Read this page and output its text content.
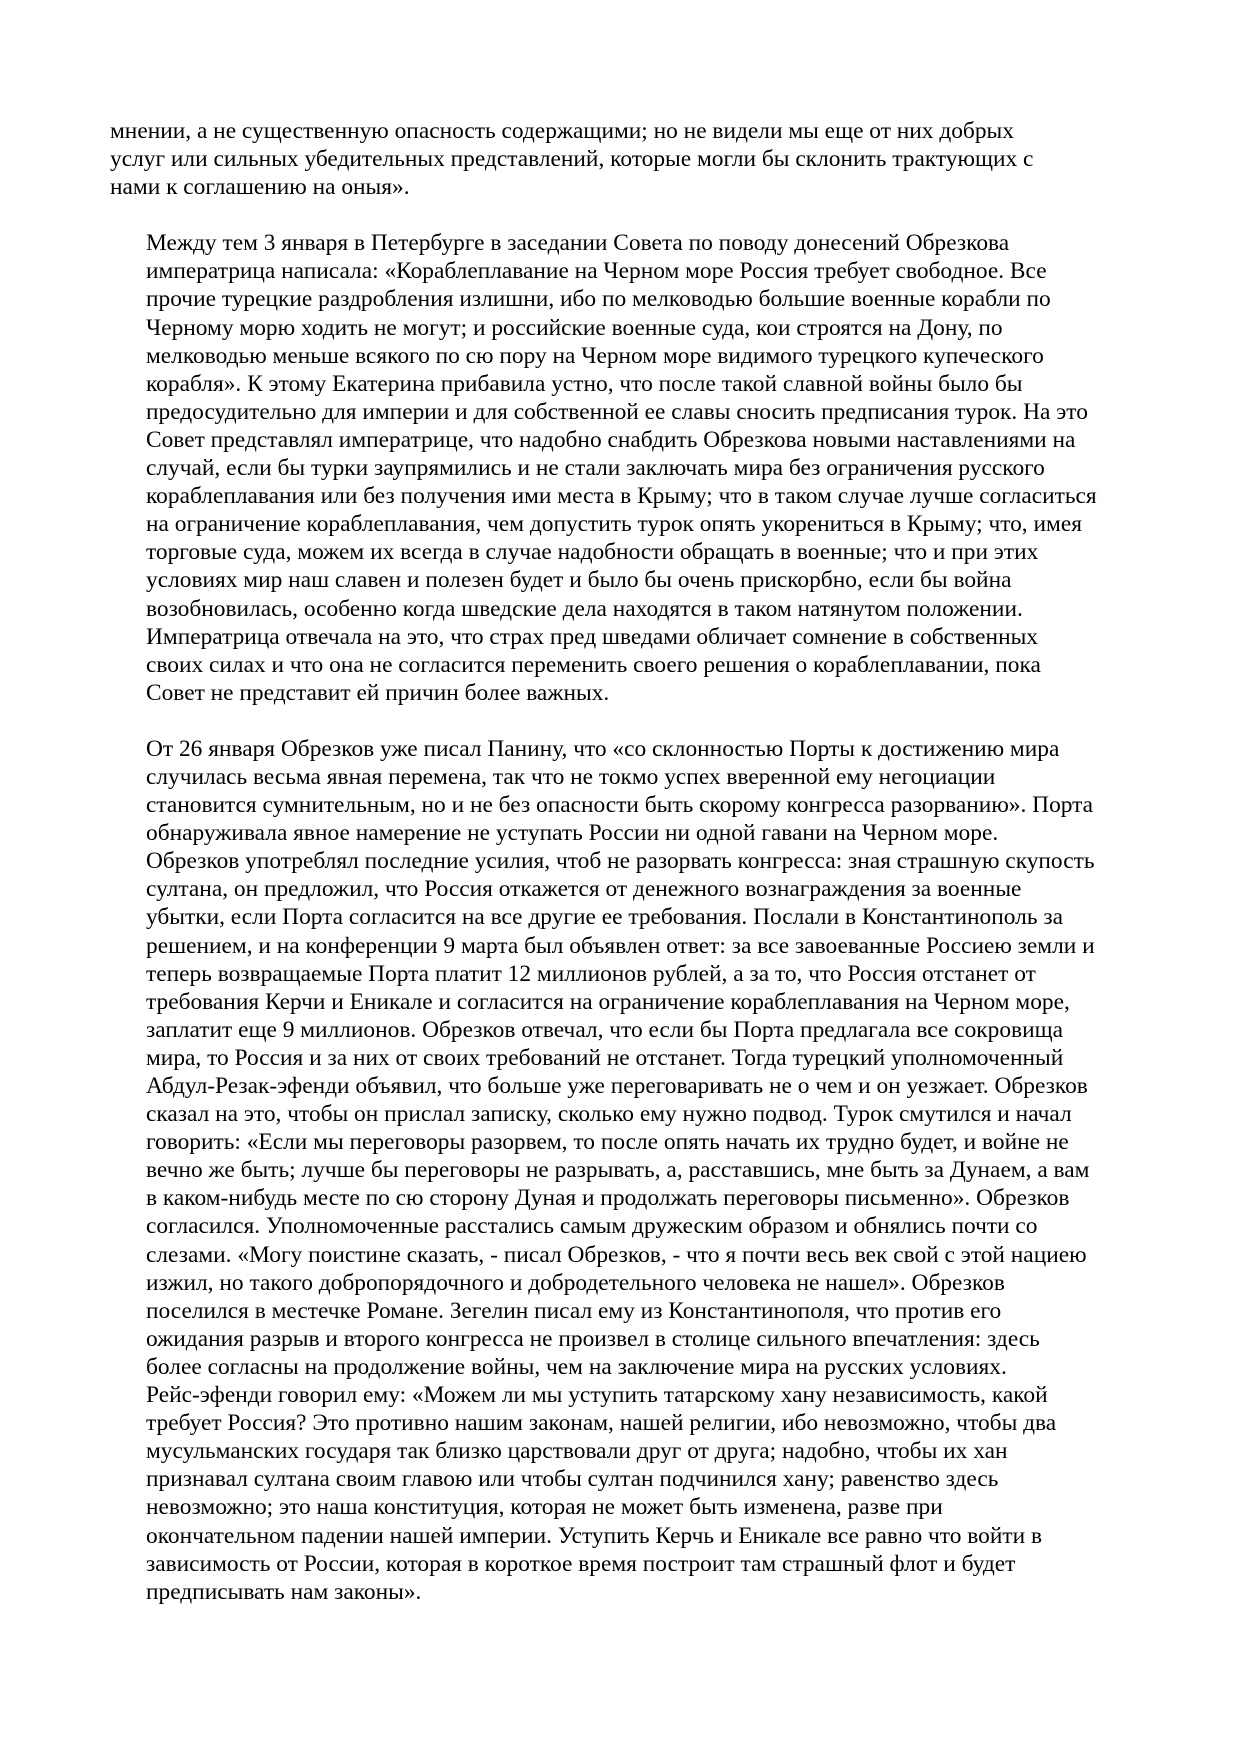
мнении, а не существенную опасность содержащими; но не видели мы еще от них добрых
услуг или сильных убедительных представлений, которые могли бы склонить трактующих с
нами к соглашению на оныя».

Между тем 3 января в Петербурге в заседании Совета по поводу донесений Обрезкова
императрица написала: «Кораблеплавание на Черном море Россия требует свободное. Все
прочие турецкие раздробления излишни, ибо по мелководью большие военные корабли по
Черному морю ходить не могут; и российские военные суда, кои строятся на Дону, по
мелководью меньше всякого по сю пору на Черном море видимого турецкого купеческого
корабля». К этому Екатерина прибавила устно, что после такой славной войны было бы
предосудительно для империи и для собственной ее славы сносить предписания турок. На это
Совет представлял императрице, что надобно снабдить Обрезкова новыми наставлениями на
случай, если бы турки заупрямились и не стали заключать мира без ограничения русского
кораблеплавания или без получения ими места в Крыму; что в таком случае лучше согласиться
на ограничение кораблеплавания, чем допустить турок опять укорениться в Крыму; что, имея
торговые суда, можем их всегда в случае надобности обращать в военные; что и при этих
условиях мир наш славен и полезен будет и было бы очень прискорбно, если бы война
возобновилась, особенно когда шведские дела находятся в таком натянутом положении.
Императрица отвечала на это, что страх пред шведами обличает сомнение в собственных
своих силах и что она не согласится переменить своего решения о кораблеплавании, пока
Совет не представит ей причин более важных.

От 26 января Обрезков уже писал Панину, что «со склонностью Порты к достижению мира
случилась весьма явная перемена, так что не токмо успех вверенной ему негоциации
становится сумнительным, но и не без опасности быть скорому конгресса разорванию». Порта
обнаруживала явное намерение не уступать России ни одной гавани на Черном море.
Обрезков употреблял последние усилия, чтоб не разорвать конгресса: зная страшную скупость
султана, он предложил, что Россия откажется от денежного вознаграждения за военные
убытки, если Порта согласится на все другие ее требования. Послали в Константинополь за
решением, и на конференции 9 марта был объявлен ответ: за все завоеванные Россиею земли и
теперь возвращаемые Порта платит 12 миллионов рублей, а за то, что Россия отстанет от
требования Керчи и Еникале и согласится на ограничение кораблеплавания на Черном море,
заплатит еще 9 миллионов. Обрезков отвечал, что если бы Порта предлагала все сокровища
мира, то Россия и за них от своих требований не отстанет. Тогда турецкий уполномоченный
Абдул-Резак-эфенди объявил, что больше уже переговаривать не о чем и он уезжает. Обрезков
сказал на это, чтобы он прислал записку, сколько ему нужно подвод. Турок смутился и начал
говорить: «Если мы переговоры разорвем, то после опять начать их трудно будет, и войне не
вечно же быть; лучше бы переговоры не разрывать, а, расставшись, мне быть за Дунаем, а вам
в каком-нибудь месте по сю сторону Дуная и продолжать переговоры письменно». Обрезков
согласился. Уполномоченные расстались самым дружеским образом и обнялись почти со
слезами. «Могу поистине сказать, - писал Обрезков, - что я почти весь век свой с этой нациею
изжил, но такого добропорядочного и добродетельного человека не нашел». Обрезков
поселился в местечке Романе. Зегелин писал ему из Константинополя, что против его
ожидания разрыв и второго конгресса не произвел в столице сильного впечатления: здесь
более согласны на продолжение войны, чем на заключение мира на русских условиях.
Рейс-эфенди говорил ему: «Можем ли мы уступить татарскому хану независимость, какой
требует Россия? Это противно нашим законам, нашей религии, ибо невозможно, чтобы два
мусульманских государя так близко царствовали друг от друга; надобно, чтобы их хан
признавал султана своим главою или чтобы султан подчинился хану; равенство здесь
невозможно; это наша конституция, которая не может быть изменена, разве при
окончательном падении нашей империи. Уступить Керчь и Еникале все равно что войти в
зависимость от России, которая в короткое время построит там страшный флот и будет
предписывать нам законы».
